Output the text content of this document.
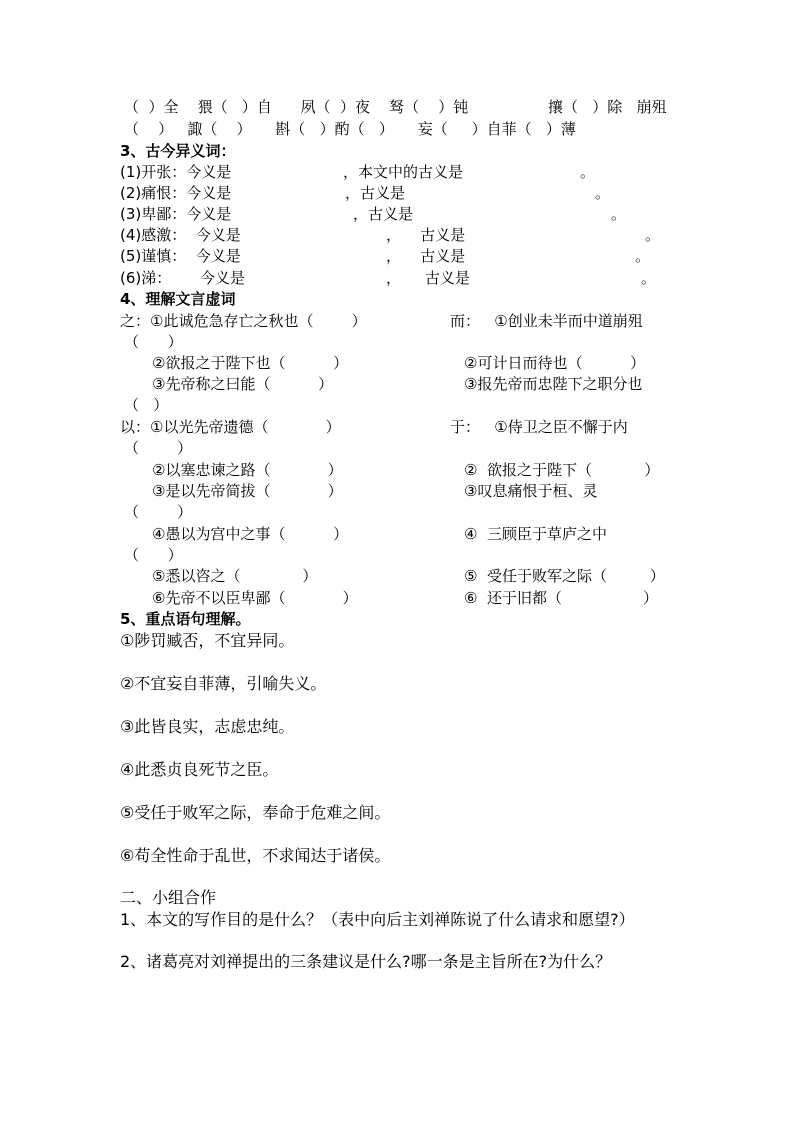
（  ）全    猥（   ）自      夙（  ）夜    驽（    ）钝	攘（   ）除   崩殂
（    ）   諏（    ）     斟（   ）酌（   ）     妄（     ）自菲（   ）薄
3、古今异义词：
(1)开张：今义是	，本文中的古义是	。
(2)痛恨：今义是	，古义是	。
(3)卑鄙：今义是	，古义是	。
(4)感激：  今义是	，    古义是	。
(5)谨慎：  今义是	，    古义是	。
(6)涕：      今义是	，     古义是	。
4、理解文言虚词
之：①此诚危急存亡之秋也（        ）	而：   ①创业未半而中道崩殂
（      ）
②欲报之于陛下也（          ）	②可计日而待也（          ）
③先帝称之曰能（          ）	③报先帝而忠陛下之职分也
（   ）
以：①以光先帝遗德（            ）	于：   ①侍卫之臣不懈于内
（        ）
②以塞忠谏之路（            ）	②  欲报之于陛下（           ）
③是以先帝简拔（            ）	③叹息痛恨于桓、灵
（        ）
④愚以为宫中之事（          ）	④  三顾臣于草庐之中
（      ）
⑤悉以咨之（             ）	⑤  受任于败军之际（         ）
⑥先帝不以臣卑鄙（            ）	⑥  还于旧都（                 ）
5、重点语句理解。
①陟罚臧否，不宜异同。
②不宜妄自菲薄，引喻失义。
③此皆良实，志虑忠纯。
④此悉贞良死节之臣。
⑤受任于败军之际，奉命于危难之间。
⑥苟全性命于乱世，不求闻达于诸侯。
二、小组合作
1、本文的写作目的是什么？（表中向后主刘禅陈说了什么请求和愿望?）
2、诸葛亮对刘禅提出的三条建议是什么?哪一条是主旨所在?为什么？
